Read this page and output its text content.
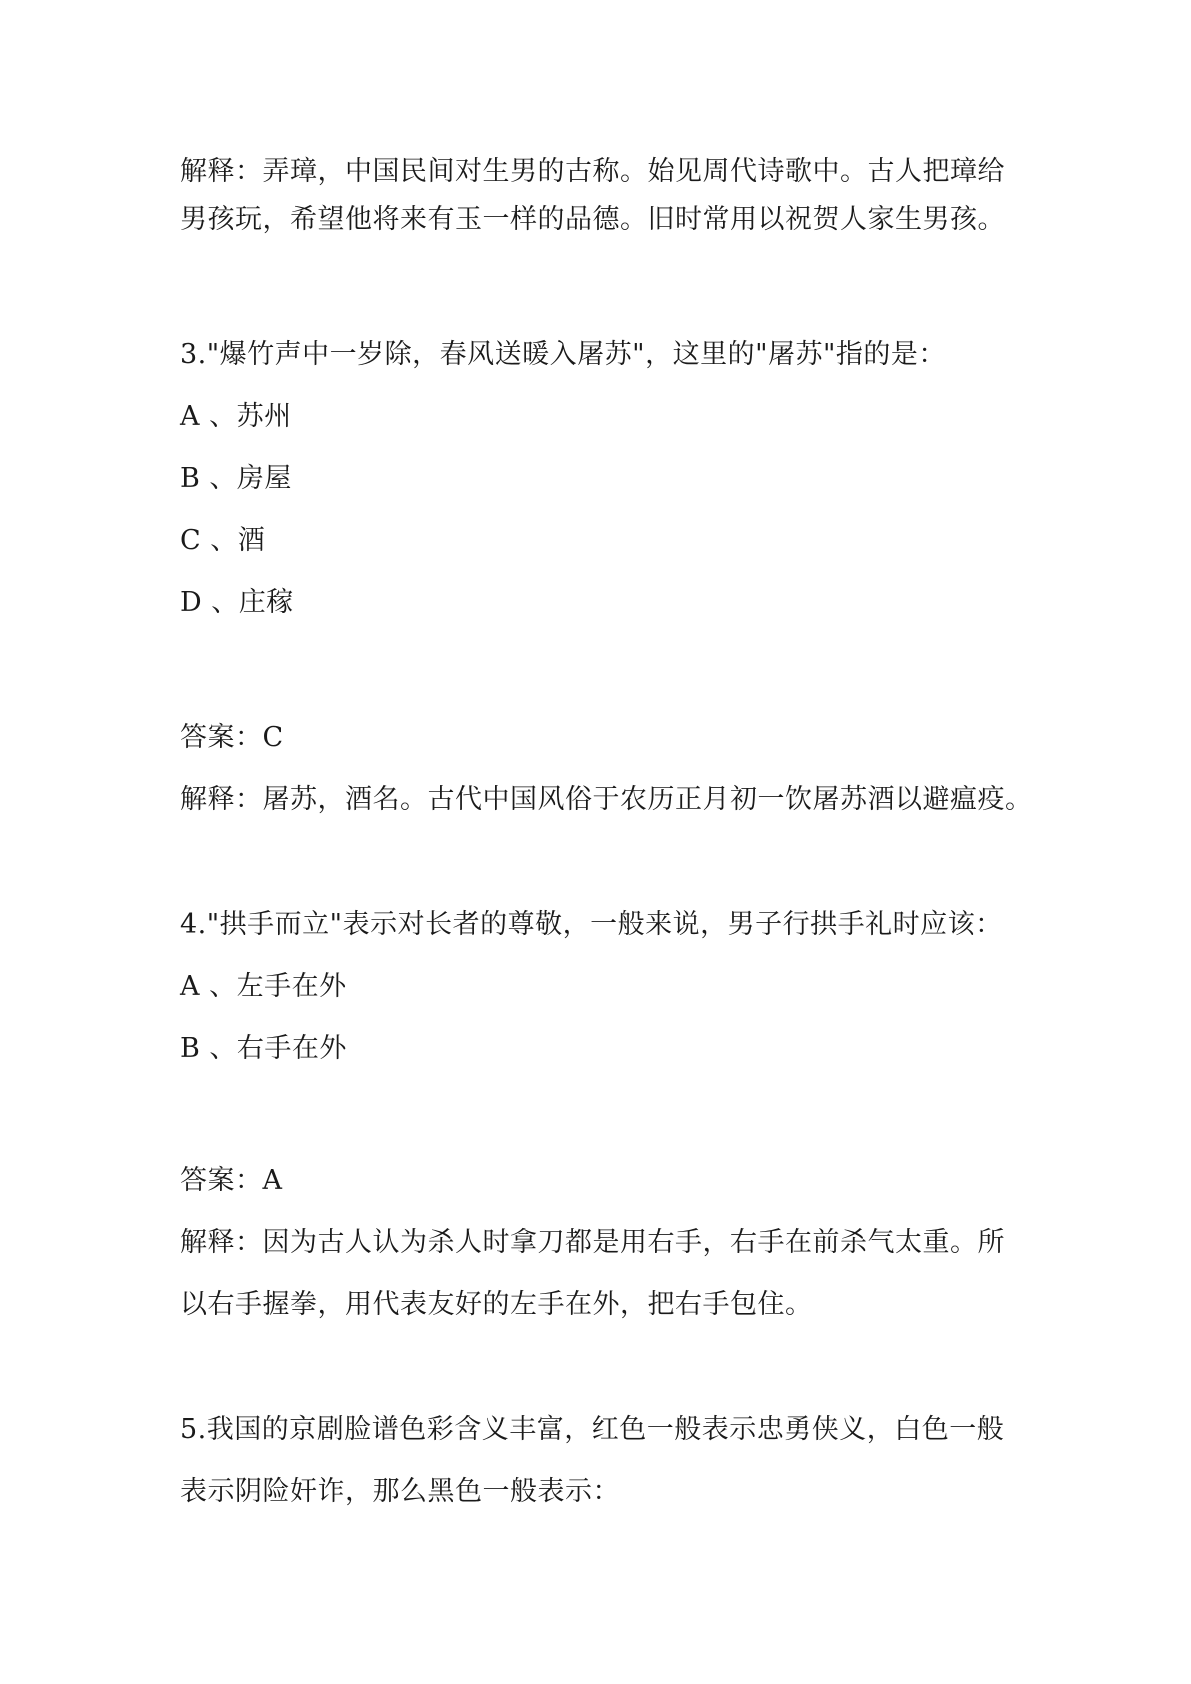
解释：弄璋，中国民间对生男的古称。始见周代诗歌中。古人把璋给
男孩玩，希望他将来有玉一样的品德。旧时常用以祝贺人家生男孩。
3."爆竹声中一岁除，春风送暖入屠苏"，这里的"屠苏"指的是：
A 、苏州
B 、房屋
C 、酒
D 、庄稼
答案：C
解释：屠苏，酒名。古代中国风俗于农历正月初一饮屠苏酒以避瘟疫。
4."拱手而立"表示对长者的尊敬，一般来说，男子行拱手礼时应该：
A 、左手在外
B 、右手在外
答案：A
解释：因为古人认为杀人时拿刀都是用右手，右手在前杀气太重。所
以右手握拳，用代表友好的左手在外，把右手包住。
5.我国的京剧脸谱色彩含义丰富，红色一般表示忠勇侠义，白色一般
表示阴险奸诈，那么黑色一般表示：
